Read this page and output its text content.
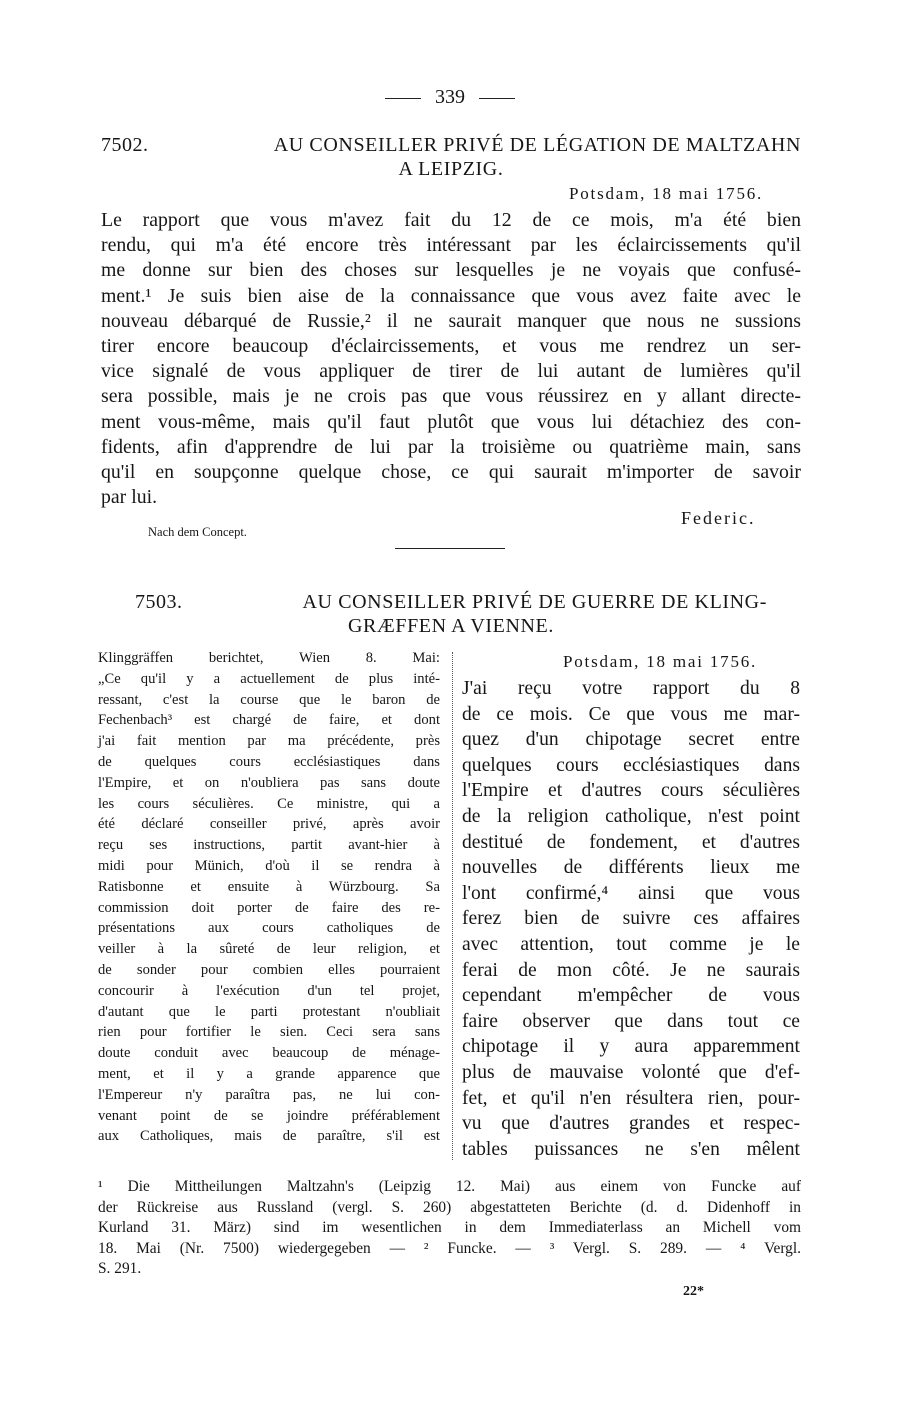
339
7502.	AU CONSEILLER PRIVÉ DE LÉGATION DE MALTZAHN
A LEIPZIG.
Potsdam, 18 mai 1756.
Le rapport que vous m'avez fait du 12 de ce mois, m'a été bien
rendu, qui m'a été encore très intéressant par les éclaircissements qu'il
me donne sur bien des choses sur lesquelles je ne voyais que confusé-
ment.¹ Je suis bien aise de la connaissance que vous avez faite avec le
nouveau débarqué de Russie,² il ne saurait manquer que nous ne sussions
tirer encore beaucoup d'éclaircissements, et vous me rendrez un ser-
vice signalé de vous appliquer de tirer de lui autant de lumières qu'il
sera possible, mais je ne crois pas que vous réussirez en y allant directe-
ment vous-même, mais qu'il faut plutôt que vous lui détachiez des con-
fidents, afin d'apprendre de lui par la troisième ou quatrième main, sans
qu'il en soupçonne quelque chose, ce qui saurait m'importer de savoir
par lui.
Federic.
Nach dem Concept.
7503.	AU CONSEILLER PRIVÉ DE GUERRE DE KLING-
GRÆFFEN A VIENNE.
Klinggräffen berichtet, Wien 8. Mai:
„Ce qu'il y a actuellement de plus inté-
ressant, c'est la course que le baron de
Fechenbach³ est chargé de faire, et dont
j'ai fait mention par ma précédente, près
de quelques cours ecclésiastiques dans
l'Empire, et on n'oubliera pas sans doute
les cours séculières. Ce ministre, qui a
été déclaré conseiller privé, après avoir
reçu ses instructions, partit avant-hier à
midi pour Münich, d'où il se rendra à
Ratisbonne et ensuite à Würzbourg. Sa
commission doit porter de faire des re-
présentations aux cours catholiques de
veiller à la sûreté de leur religion, et
de sonder pour combien elles pourraient
concourir à l'exécution d'un tel projet,
d'autant que le parti protestant n'oubliait
rien pour fortifier le sien. Ceci sera sans
doute conduit avec beaucoup de ménage-
ment, et il y a grande apparence que
l'Empereur n'y paraîtra pas, ne lui con-
venant point de se joindre préférablement
aux Catholiques, mais de paraître, s'il est
Potsdam, 18 mai 1756.
J'ai reçu votre rapport du 8
de ce mois. Ce que vous me mar-
quez d'un chipotage secret entre
quelques cours ecclésiastiques dans
l'Empire et d'autres cours séculières
de la religion catholique, n'est point
destitué de fondement, et d'autres
nouvelles de différents lieux me
l'ont confirmé,⁴ ainsi que vous
ferez bien de suivre ces affaires
avec attention, tout comme je le
ferai de mon côté. Je ne saurais
cependant m'empêcher de vous
faire observer que dans tout ce
chipotage il y aura apparemment
plus de mauvaise volonté que d'ef-
fet, et qu'il n'en résultera rien, pour-
vu que d'autres grandes et respec-
tables puissances ne s'en mêlent
¹ Die Mittheilungen Maltzahn's (Leipzig 12. Mai) aus einem von Funcke auf
der Rückreise aus Russland (vergl. S. 260) abgestatteten Berichte (d. d. Didenhoff in
Kurland 31. März) sind im wesentlichen in dem Immediaterlass an Michell vom
18. Mai (Nr. 7500) wiedergegeben — ² Funcke. — ³ Vergl. S. 289. — ⁴ Vergl.
S. 291.
22*
